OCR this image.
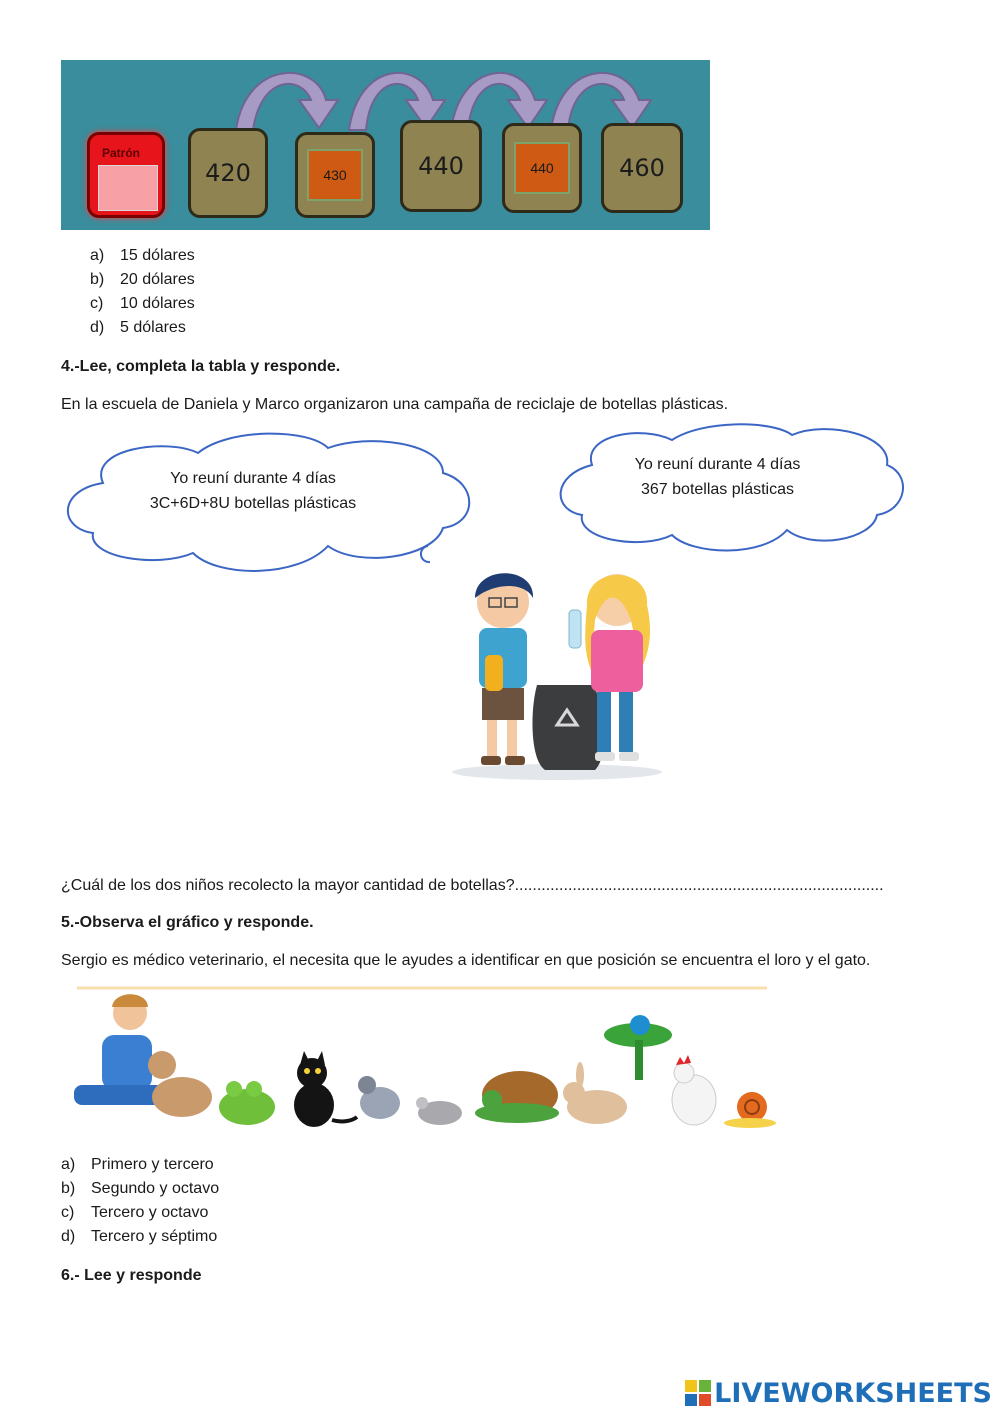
Patrón
420	430	440	440	460
a) 15 dólares
b) 20 dólares
c) 10 dólares
d) 5 dólares
4.-Lee, completa la tabla y responde.
En la escuela de Daniela y Marco organizaron una campaña de reciclaje de botellas plásticas.
Yo reuní durante 4 días
3C+6D+8U botellas plásticas
Yo reuní durante 4 días
367 botellas plásticas
¿Cuál de los dos niños recolecto la mayor cantidad de botellas?...................................................................................
5.-Observa el gráfico y responde.
Sergio es médico veterinario, el necesita que le ayudes a identificar en que posición se encuentra el loro y el gato.
a) Primero y tercero
b) Segundo y octavo
c) Tercero y octavo
d) Tercero y séptimo
6.- Lee y responde
LIVEWORKSHEETS
